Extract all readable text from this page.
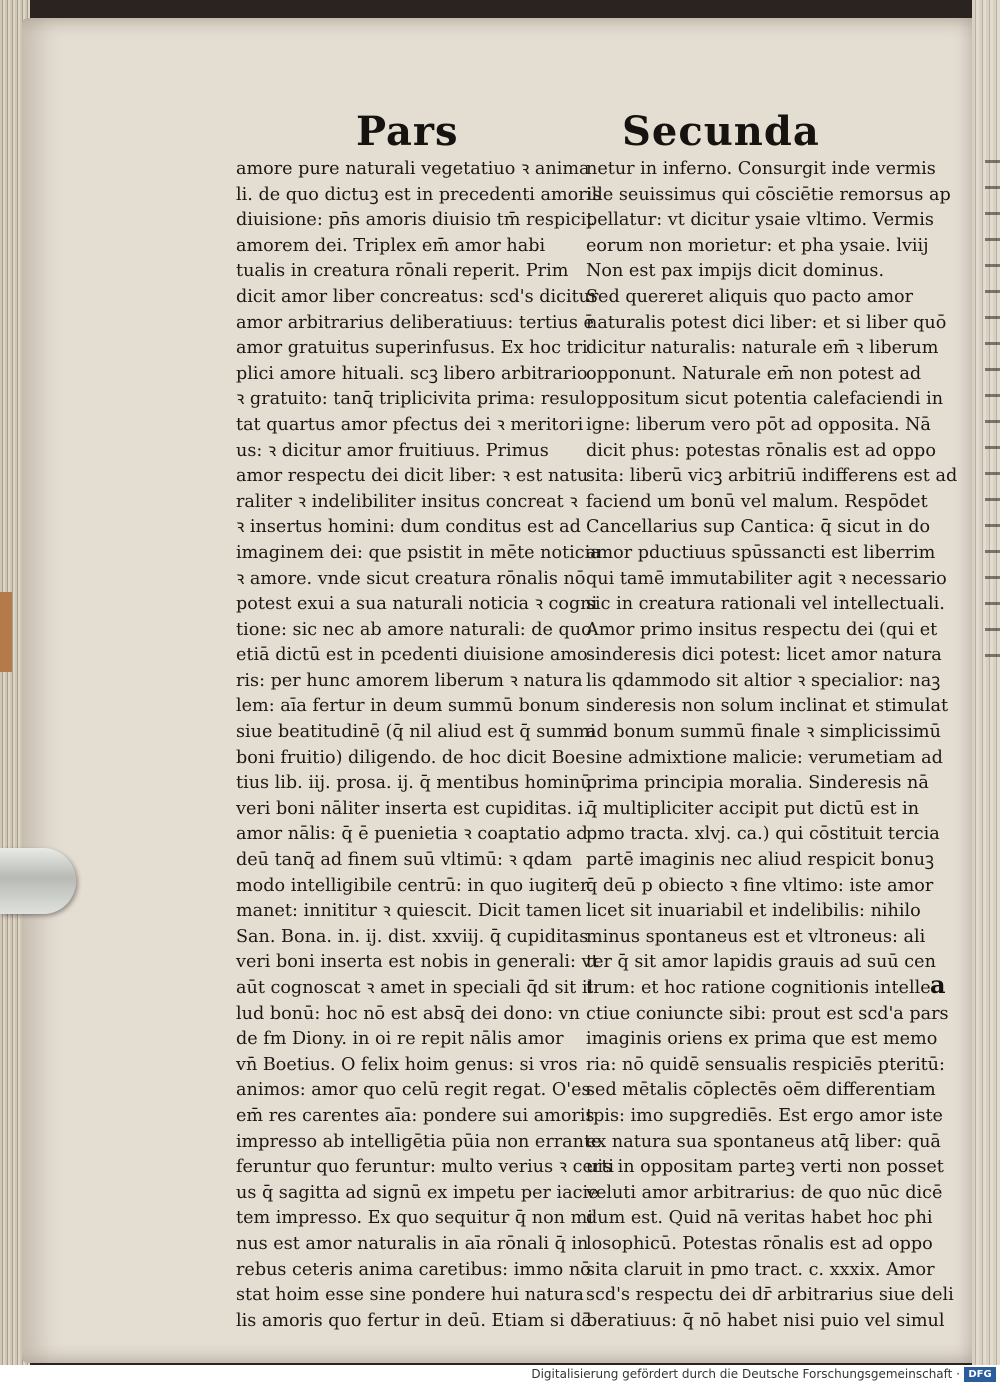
Pars	Secunda
amore pure naturali vegetatiuo ꝛ anima
li. de quo dictuꝫ est in precedenti amoris
diuisione: pn̄s amoris diuisio tm̄ respicit
amorem dei. Triplex em̄ amor habi
tualis in creatura rōnali reperit. Prim
dicit amor liber concreatus: scd's dicitur
amor arbitrarius deliberatiuus: tertius ē
amor gratuitus superinfusus. Ex hoc tri
plici amore hituali. scꝫ libero arbitrario
ꝛ gratuito: tanq̄ triplicivita prima: resul
tat quartus amor pfectus dei ꝛ meritori
us: ꝛ dicitur amor fruitiuus. Primus
amor respectu dei dicit liber: ꝛ est natu
raliter ꝛ indelibiliter insitus concreat ꝛ
ꝛ insertus homini: dum conditus est ad
imaginem dei: que psistit in mēte noticia
ꝛ amore. vnde sicut creatura rōnalis nō
potest exui a sua naturali noticia ꝛ cogni
tione: sic nec ab amore naturali: de quo
etiā dictū est in pcedenti diuisione amo
ris: per hunc amorem liberum ꝛ natura
lem: aīa fertur in deum summū bonum
siue beatitudinē (q̄ nil aliud est q̄ summi
boni fruitio) diligendo. de hoc dicit Boe
tius lib. iij. prosa. ij. q̄ mentibus hominū
veri boni nāliter inserta est cupiditas. i.
amor nālis: q̄ ē puenietia ꝛ coaptatio ad
deū tanq̄ ad finem suū vltimū: ꝛ qdam
modo intelligibile centrū: in quo iugiter
manet: innititur ꝛ quiescit. Dicit tamen
San. Bona. in. ij. dist. xxviij. q̄ cupiditas
veri boni inserta est nobis in generali: vt
aūt cognoscat ꝛ amet in speciali q̄d sit il
lud bonū: hoc nō est absq̄ dei dono: vn
de fm Diony. in oi re repit nālis amor
vn̄ Boetius. O felix hoim genus: si vros
animos: amor quo celū regit regat. O'es
em̄ res carentes aīa: pondere sui amoris
impresso ab intelligētia pūia non errante
feruntur quo feruntur: multo verius ꝛ certi
us q̄ sagitta ad signū ex impetu per iacie
tem impresso. Ex quo sequitur q̄ non mi
nus est amor naturalis in aīa rōnali q̄ in
rebus ceteris anima caretibus: immo nō
stat hoim esse sine pondere hui natura
lis amoris quo fertur in deū. Etiam si dā
netur in inferno. Consurgit inde vermis
ille seuissimus qui cōsciētie remorsus ap
pellatur: vt dicitur ysaie vltimo. Vermis
eorum non morietur: et pha ysaie. lviij
Non est pax impijs dicit dominus.
Sed quereret aliquis quo pacto amor
naturalis potest dici liber: et si liber quō
dicitur naturalis: naturale em̄ ꝛ liberum
opponunt. Naturale em̄ non potest ad
oppositum sicut potentia calefaciendi in
igne: liberum vero pōt ad opposita. Nā
dicit phus: potestas rōnalis est ad oppo
sita: liberū vicꝫ arbitriū indifferens est ad
faciend um bonū vel malum. Respōdet
Cancellarius sup Cantica: q̄ sicut in do
amor pductiuus spūssancti est liberrim
qui tamē immutabiliter agit ꝛ necessario
sic in creatura rationali vel intellectuali.
Amor primo insitus respectu dei (qui et
sinderesis dici potest: licet amor natura
lis qdammodo sit altior ꝛ specialior: naꝫ
sinderesis non solum inclinat et stimulat
ad bonum summū finale ꝛ simplicissimū
sine admixtione malicie: verumetiam ad
prima principia moralia. Sinderesis nā
q̄ multipliciter accipit put dictū est in
pmo tracta. xlvj. ca.) qui cōstituit tercia
partē imaginis nec aliud respicit bonuꝫ
q̄ deū p obiecto ꝛ fine vltimo: iste amor
licet sit inuariabil et indelibilis: nihilo
minus spontaneus est et vltroneus: ali
ter q̄ sit amor lapidis grauis ad suū cen
trum: et hoc ratione cognitionis intelle
ctiue coniuncte sibi: prout est scd'a pars
imaginis oriens ex prima que est memo
ria: nō quidē sensualis respiciēs pteritū:
sed mētalis cōplectēs oēm differentiam
tpis: imo supgrediēs. Est ergo amor iste
ex natura sua spontaneus atq̄ liber: quā
uis in oppositam parteꝫ verti non posset
veluti amor arbitrarius: de quo nūc dicē
dum est. Quid nā veritas habet hoc phi
losophicū. Potestas rōnalis est ad oppo
sita claruit in pmo tract. c. xxxix. Amor
scd's respectu dei dr̄ arbitrarius siue deli
beratiuus: q̄ nō habet nisi puio vel simul
a
Digitalisierung gefördert durch die Deutsche Forschungsgemeinschaft · DFG
